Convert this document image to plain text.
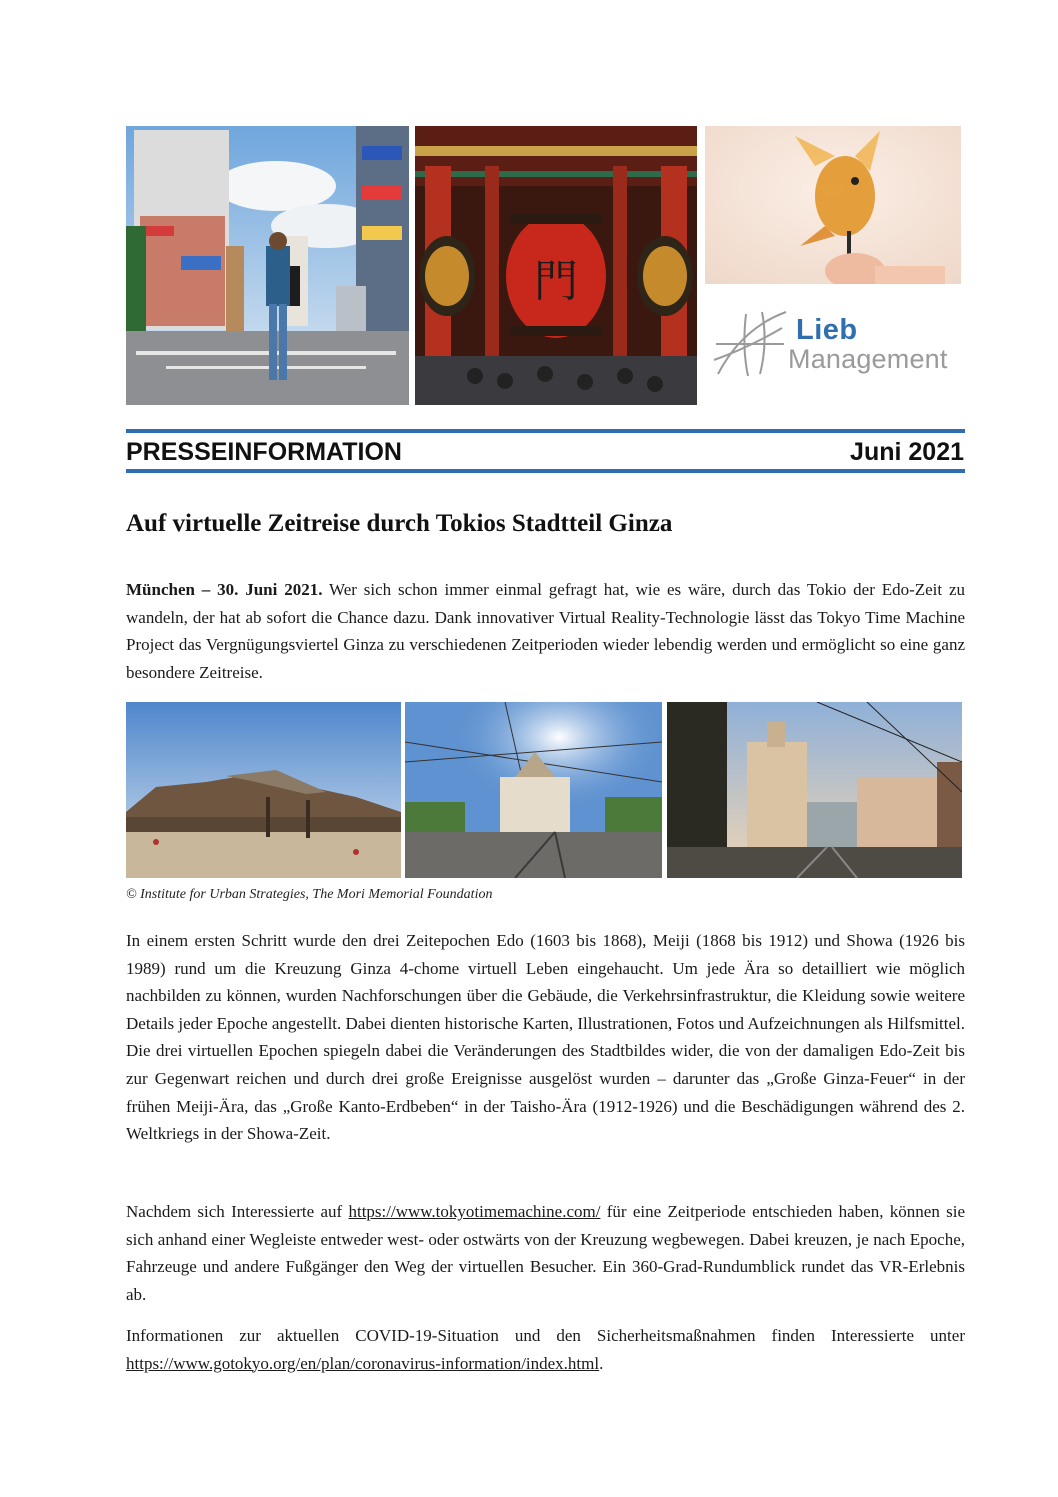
門
Lieb
Management
PRESSEINFORMATION	Juni 2021
Auf virtuelle Zeitreise durch Tokios Stadtteil Ginza

München – 30. Juni 2021. Wer sich schon immer einmal gefragt hat, wie es wäre, durch das Tokio der Edo-Zeit zu wandeln, der hat ab sofort die Chance dazu. Dank innovativer Virtual Reality-Technologie lässt das Tokyo Time Machine Project das Vergnügungsviertel Ginza zu verschiedenen Zeitperioden wieder lebendig werden und ermöglicht so eine ganz besondere Zeitreise.

© Institute for Urban Strategies, The Mori Memorial Foundation

In einem ersten Schritt wurde den drei Zeitepochen Edo (1603 bis 1868), Meiji (1868 bis 1912) und Showa (1926 bis 1989) rund um die Kreuzung Ginza 4-chome virtuell Leben eingehaucht. Um jede Ära so detailliert wie möglich nachbilden zu können, wurden Nachforschungen über die Gebäude, die Verkehrsinfrastruktur, die Kleidung sowie weitere Details jeder Epoche angestellt. Dabei dienten historische Karten, Illustrationen, Fotos und Aufzeichnungen als Hilfsmittel. Die drei virtuellen Epochen spiegeln dabei die Veränderungen des Stadtbildes wider, die von der damaligen Edo-Zeit bis zur Gegenwart reichen und durch drei große Ereignisse ausgelöst wurden – darunter das „Große Ginza-Feuer“ in der frühen Meiji-Ära, das „Große Kanto-Erdbeben“ in der Taisho-Ära (1912-1926) und die Beschädigungen während des 2. Weltkriegs in der Showa-Zeit.

Nachdem sich Interessierte auf https://www.tokyotimemachine.com/ für eine Zeitperiode entschieden haben, können sie sich anhand einer Wegleiste entweder west- oder ostwärts von der Kreuzung wegbewegen. Dabei kreuzen, je nach Epoche, Fahrzeuge und andere Fußgänger den Weg der virtuellen Besucher. Ein 360-Grad-Rundumblick rundet das VR-Erlebnis ab.

Informationen zur aktuellen COVID-19-Situation und den Sicherheitsmaßnahmen finden Interessierte unter https://www.gotokyo.org/en/plan/coronavirus-information/index.html.
